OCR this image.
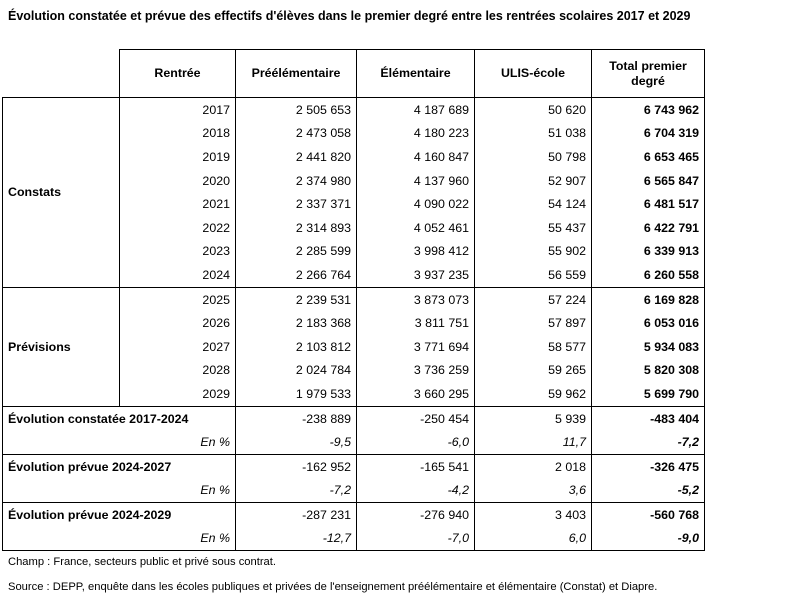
Évolution constatée et prévue des effectifs d'élèves dans le premier degré entre les rentrées scolaires 2017 et 2029
	Rentrée	Préélémentaire	Élémentaire	ULIS-école	Total premier degré
Constats	2017	2 505 653	4 187 689	50 620	6 743 962
	2018	2 473 058	4 180 223	51 038	6 704 319
	2019	2 441 820	4 160 847	50 798	6 653 465
	2020	2 374 980	4 137 960	52 907	6 565 847
	2021	2 337 371	4 090 022	54 124	6 481 517
	2022	2 314 893	4 052 461	55 437	6 422 791
	2023	2 285 599	3 998 412	55 902	6 339 913
	2024	2 266 764	3 937 235	56 559	6 260 558
Prévisions	2025	2 239 531	3 873 073	57 224	6 169 828
	2026	2 183 368	3 811 751	57 897	6 053 016
	2027	2 103 812	3 771 694	58 577	5 934 083
	2028	2 024 784	3 736 259	59 265	5 820 308
	2029	1 979 533	3 660 295	59 962	5 699 790
Évolution constatée 2017-2024		-238 889	-250 454	5 939	-483 404
En %		-9,5	-6,0	11,7	-7,2
Évolution prévue 2024-2027		-162 952	-165 541	2 018	-326 475
En %		-7,2	-4,2	3,6	-5,2
Évolution prévue 2024-2029		-287 231	-276 940	3 403	-560 768
En %		-12,7	-7,0	6,0	-9,0
Champ : France, secteurs public et privé sous contrat.
Source : DEPP, enquête dans les écoles publiques et privées de l'enseignement préélémentaire et élémentaire (Constat) et Diapre.
